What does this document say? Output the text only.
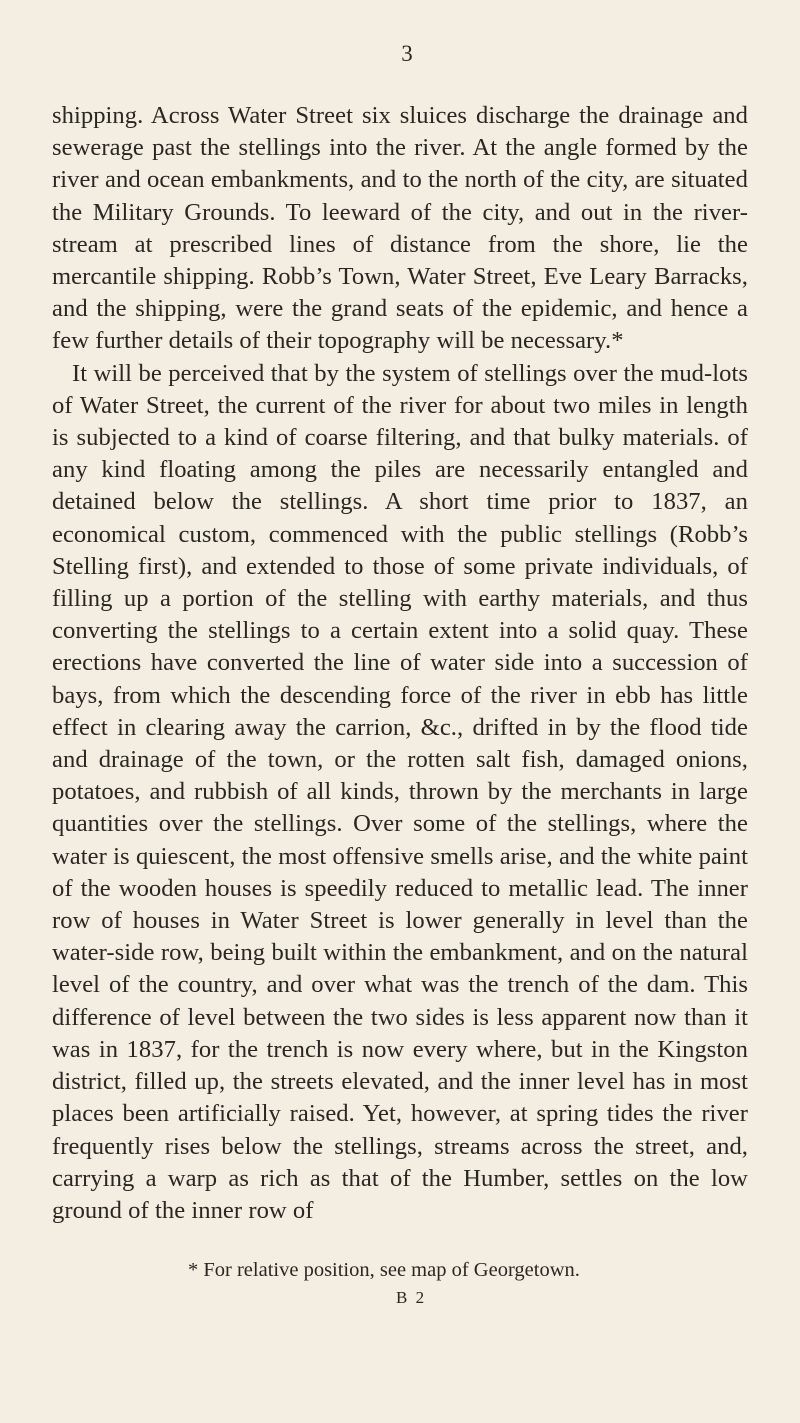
3

shipping. Across Water Street six sluices discharge the drainage and sewerage past the stellings into the river. At the angle formed by the river and ocean embankments, and to the north of the city, are situated the Military Grounds. To leeward of the city, and out in the river-stream at prescribed lines of distance from the shore, lie the mercantile shipping. Robb’s Town, Water Street, Eve Leary Barracks, and the shipping, were the grand seats of the epidemic, and hence a few further details of their topography will be necessary.*

It will be perceived that by the system of stellings over the mud-lots of Water Street, the current of the river for about two miles in length is subjected to a kind of coarse filtering, and that bulky materials. of any kind floating among the piles are necessarily entangled and detained below the stellings. A short time prior to 1837, an economical custom, commenced with the public stellings (Robb’s Stelling first), and extended to those of some private individuals, of filling up a portion of the stelling with earthy materials, and thus converting the stellings to a certain extent into a solid quay. These erections have converted the line of water side into a succession of bays, from which the descending force of the river in ebb has little effect in clearing away the carrion, &c., drifted in by the flood tide and drainage of the town, or the rotten salt fish, damaged onions, potatoes, and rubbish of all kinds, thrown by the merchants in large quantities over the stellings. Over some of the stellings, where the water is quiescent, the most offensive smells arise, and the white paint of the wooden houses is speedily reduced to metallic lead. The inner row of houses in Water Street is lower generally in level than the water-side row, being built within the embankment, and on the natural level of the country, and over what was the trench of the dam. This difference of level between the two sides is less apparent now than it was in 1837, for the trench is now every where, but in the Kingston district, filled up, the streets elevated, and the inner level has in most places been artificially raised. Yet, however, at spring tides the river frequently rises below the stellings, streams across the street, and, carrying a warp as rich as that of the Humber, settles on the low ground of the inner row of

* For relative position, see map of Georgetown.
B 2
